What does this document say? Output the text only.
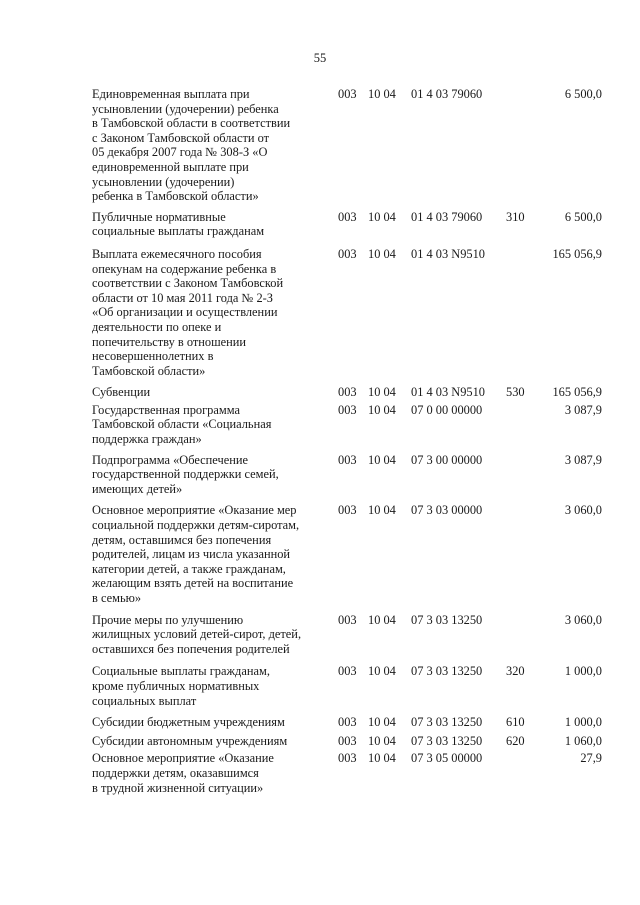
55
Единовременная выплата при
усыновлении (удочерении) ребенка
в Тамбовской области в соответствии
с Законом Тамбовской области от
05 декабря 2007 года № 308-З «О
единовременной выплате при
усыновлении (удочерении)
ребенка в Тамбовской области»
003 10 04 01 4 03 79060	6 500,0
Публичные нормативные
социальные выплаты гражданам
003 10 04 01 4 03 79060 310	6 500,0
Выплата ежемесячного пособия
опекунам на содержание ребенка в
соответствии с Законом Тамбовской
области от 10 мая 2011 года № 2-З
«Об организации и осуществлении
деятельности по опеке и
попечительству в отношении
несовершеннолетних в
Тамбовской области»
003 10 04 01 4 03 N9510	165 056,9
Субвенции	003 10 04 01 4 03 N9510 530	165 056,9
Государственная программа
Тамбовской области «Социальная
поддержка граждан»
003 10 04 07 0 00 00000	3 087,9
Подпрограмма «Обеспечение
государственной поддержки семей,
имеющих детей»
003 10 04 07 3 00 00000	3 087,9
Основное мероприятие «Оказание мер
социальной поддержки детям-сиротам,
детям, оставшимся без попечения
родителей, лицам из числа указанной
категории детей, а также гражданам,
желающим взять детей на воспитание
в семью»
003 10 04 07 3 03 00000	3 060,0
Прочие меры по улучшению
жилищных условий детей-сирот, детей,
оставшихся без попечения родителей
003 10 04 07 3 03 13250	3 060,0
Социальные выплаты гражданам,
кроме публичных нормативных
социальных выплат
003 10 04 07 3 03 13250 320	1 000,0
Субсидии бюджетным учреждениям	003 10 04 07 3 03 13250 610	1 000,0
Субсидии автономным учреждениям	003 10 04 07 3 03 13250 620	1 060,0
Основное мероприятие «Оказание
поддержки детям, оказавшимся
в трудной жизненной ситуации»
003 10 04 07 3 05 00000	27,9
